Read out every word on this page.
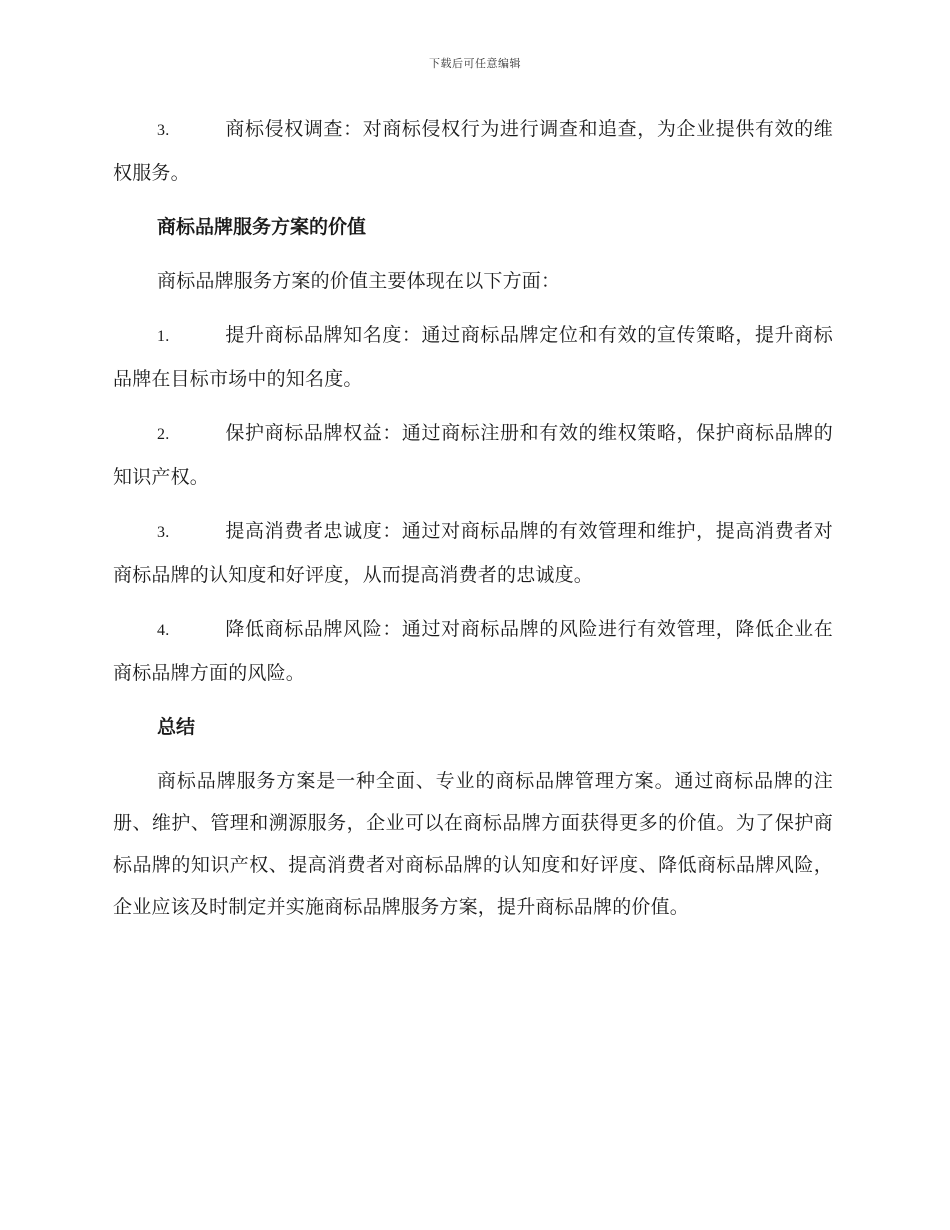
下载后可任意编辑

3.	商标侵权调查：对商标侵权行为进行调查和追查，为企业提供有效的维权服务。

商标品牌服务方案的价值

商标品牌服务方案的价值主要体现在以下方面：

1.	提升商标品牌知名度：通过商标品牌定位和有效的宣传策略，提升商标品牌在目标市场中的知名度。

2.	保护商标品牌权益：通过商标注册和有效的维权策略，保护商标品牌的知识产权。

3.	提高消费者忠诚度：通过对商标品牌的有效管理和维护，提高消费者对商标品牌的认知度和好评度，从而提高消费者的忠诚度。

4.	降低商标品牌风险：通过对商标品牌的风险进行有效管理，降低企业在商标品牌方面的风险。

总结

商标品牌服务方案是一种全面、专业的商标品牌管理方案。通过商标品牌的注册、维护、管理和溯源服务，企业可以在商标品牌方面获得更多的价值。为了保护商标品牌的知识产权、提高消费者对商标品牌的认知度和好评度、降低商标品牌风险，企业应该及时制定并实施商标品牌服务方案，提升商标品牌的价值。
